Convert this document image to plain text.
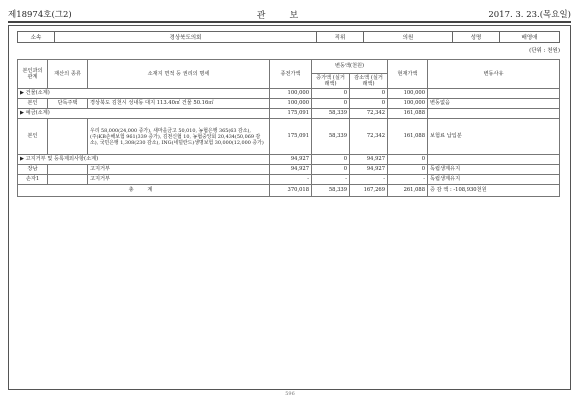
제18974호(그2)	관보	2017. 3. 23.(목요일)
소속	경상북도의회	직위	의원	성명	배영애
(단위 : 천원)
본인과의 관계	재산의 종류	소재지 면적 등 권리의 명세	종전가액	변동액(천원)		현재가액	변동사유
				증가액 (실거래액)	감소액 (실거래액)		
▶ 건물(소계)			100,000	0	0	100,000	
본인	단독주택	경상북도 김천시 성내동 대지 113.40㎡ 건물 50.16㎡	100,000	0	0	100,000	변동없음
▶ 예금(소계)			175,091	58,339	72,342	161,088	
본인		우리 58,000(24,000 증가), 새마을금고 50,010, 농협은행 365(63 감소), (주)KB손해보험 961(339 증가), 김천신협 10, 농협중앙회 20,434(50,069 감소), 국민은행 1,308(230 감소), ING(네덜란드)생명보험 30,000(12,000 증가)	175,091	58,339	72,342	161,088	보험료 납입분
▶ 고지거부 및 등록제외사항(소계)			94,927	0	94,927	0	
장남		고지거부	94,927	0	94,927	0	독립생계유지
손자1		고지거부	-	-	-	-	독립생계유지
총 계			370,018	58,339	167,269	261,088	증 감 액 : -108,930천원
596
